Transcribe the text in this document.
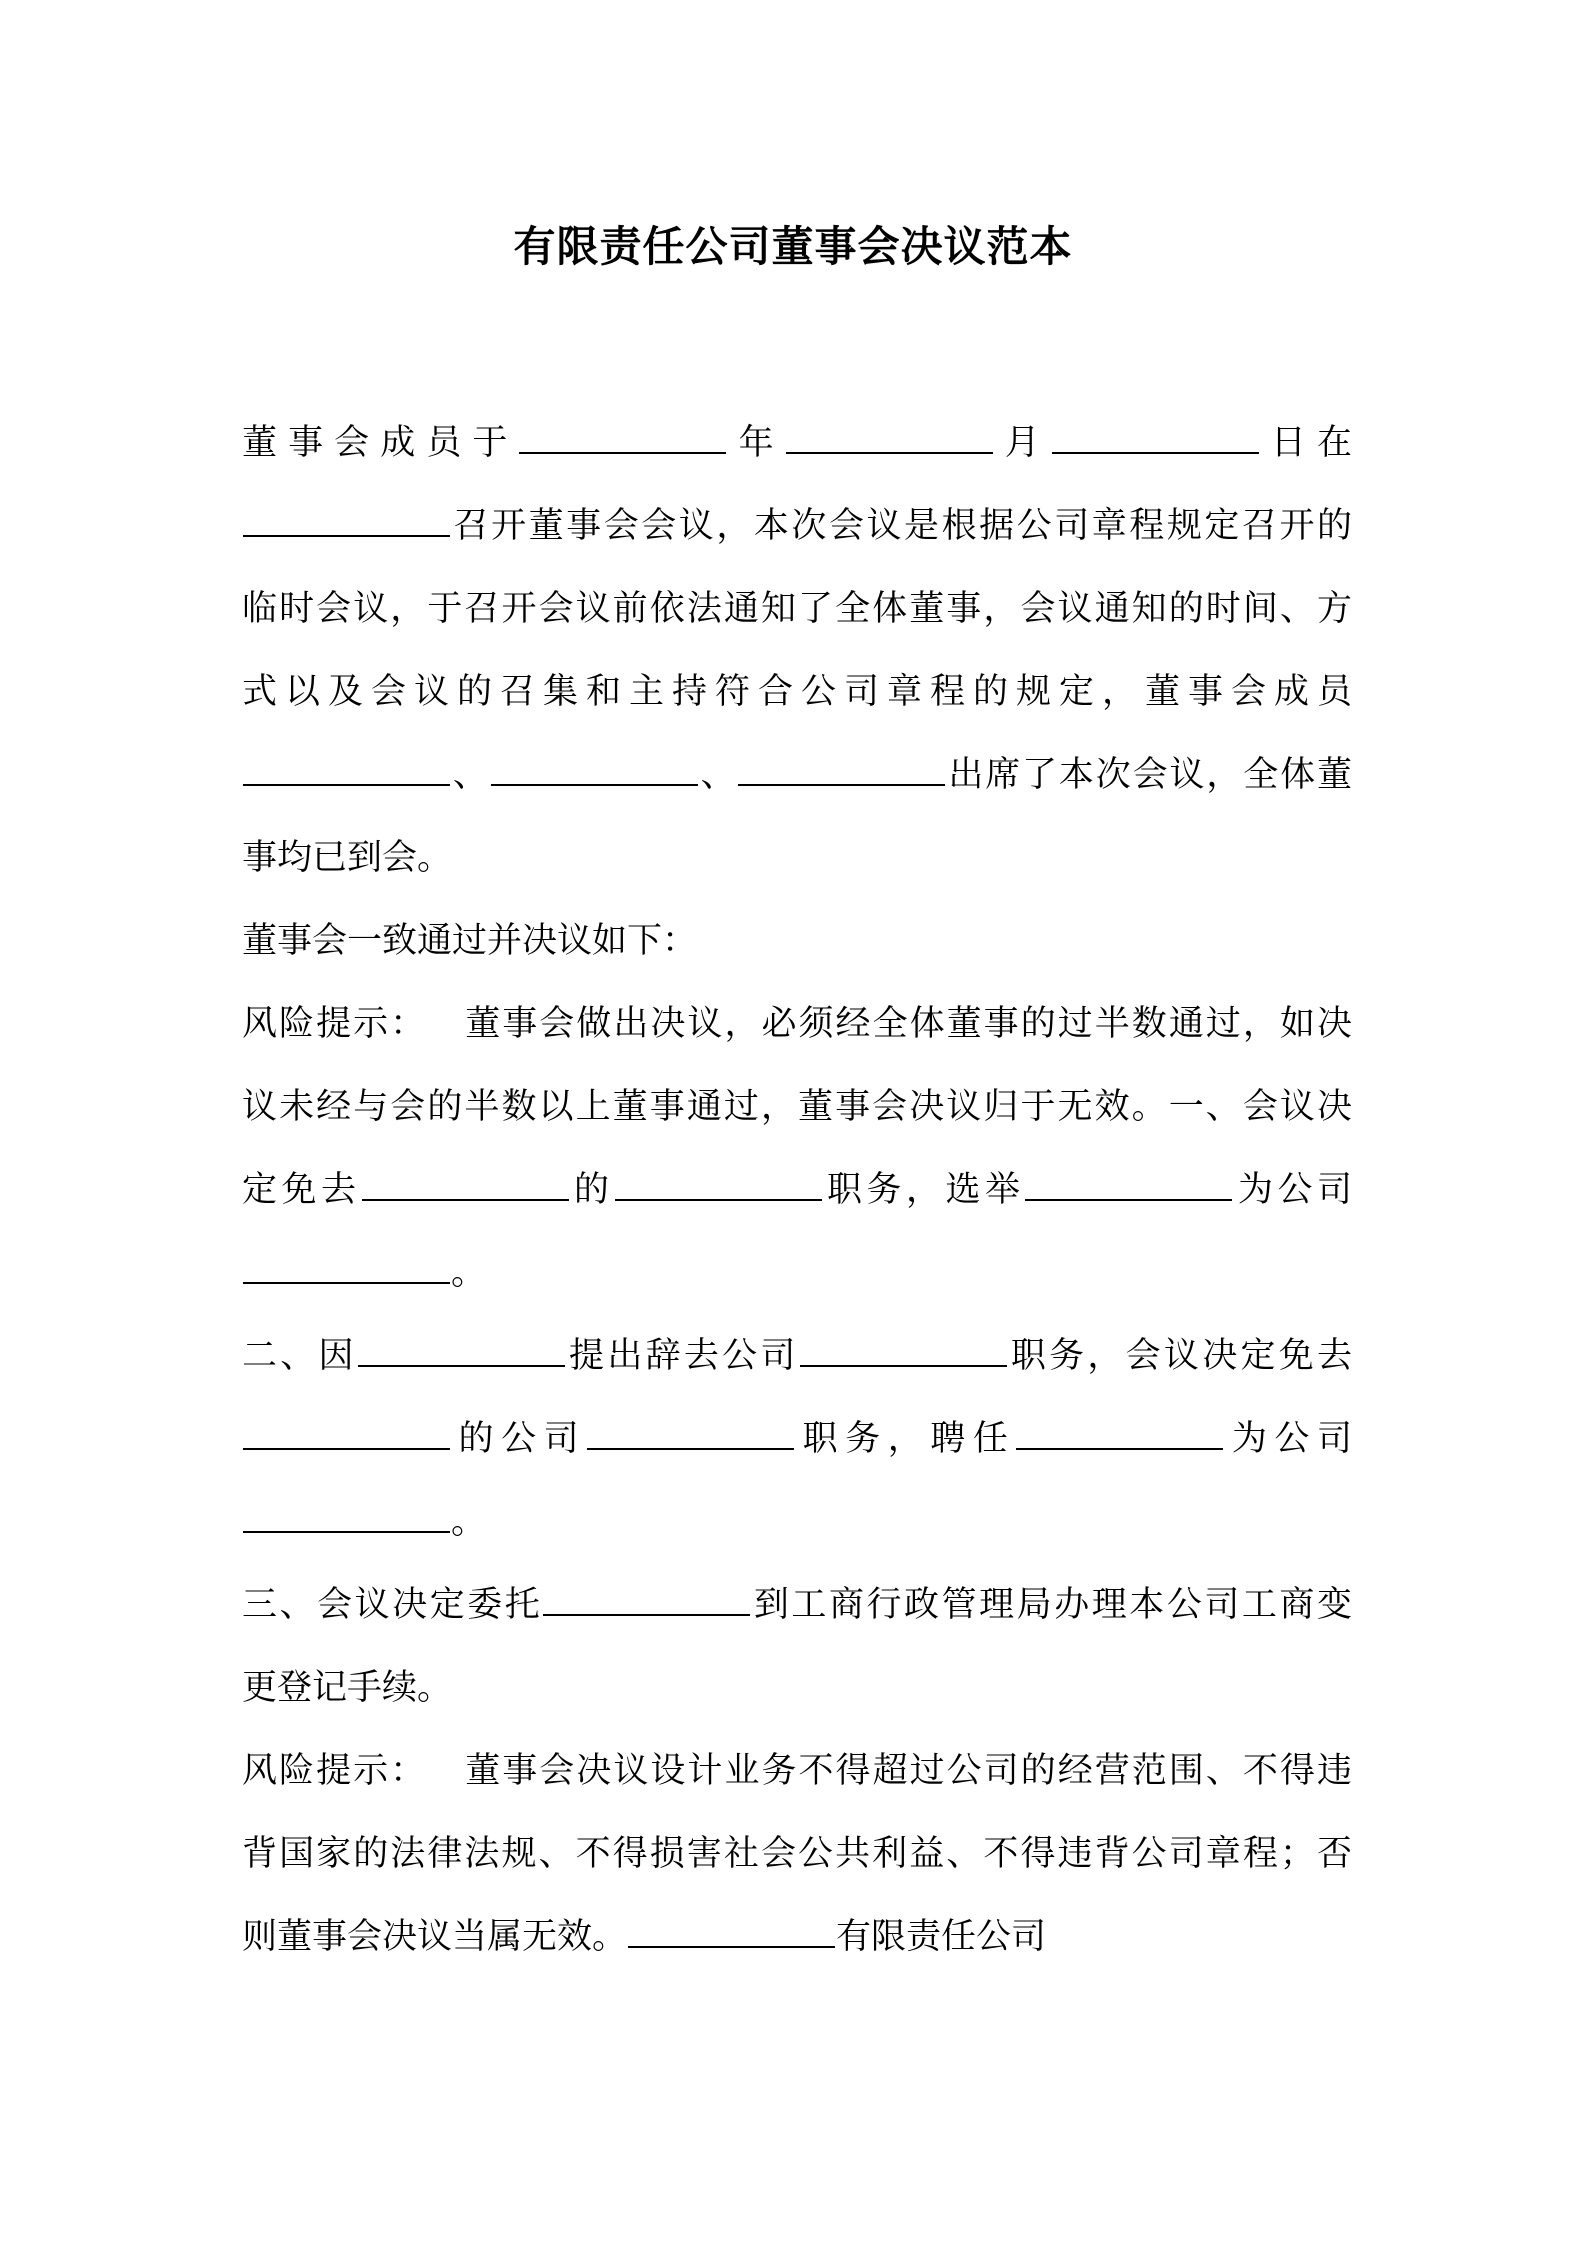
有限责任公司董事会决议范本
董事会成员于	年	月	日在
召开董事会会议，本次会议是根据公司章程规定召开的
临时会议，于召开会议前依法通知了全体董事，会议通知的时间、方
式以及会议的召集和主持符合公司章程的规定，董事会成员
、	、	出席了本次会议，全体董
事均已到会。
董事会一致通过并决议如下：
风险提示： 董事会做出决议，必须经全体董事的过半数通过，如决
议未经与会的半数以上董事通过，董事会决议归于无效。一、会议决
定免去	的	职务，选举	为公司
。
二、因	提出辞去公司	职务，会议决定免去
的公司	职务，聘任	为公司
。
三、会议决定委托	到工商行政管理局办理本公司工商变
更登记手续。
风险提示： 董事会决议设计业务不得超过公司的经营范围、不得违
背国家的法律法规、不得损害社会公共利益、不得违背公司章程；否
则董事会决议当属无效。	有限责任公司
